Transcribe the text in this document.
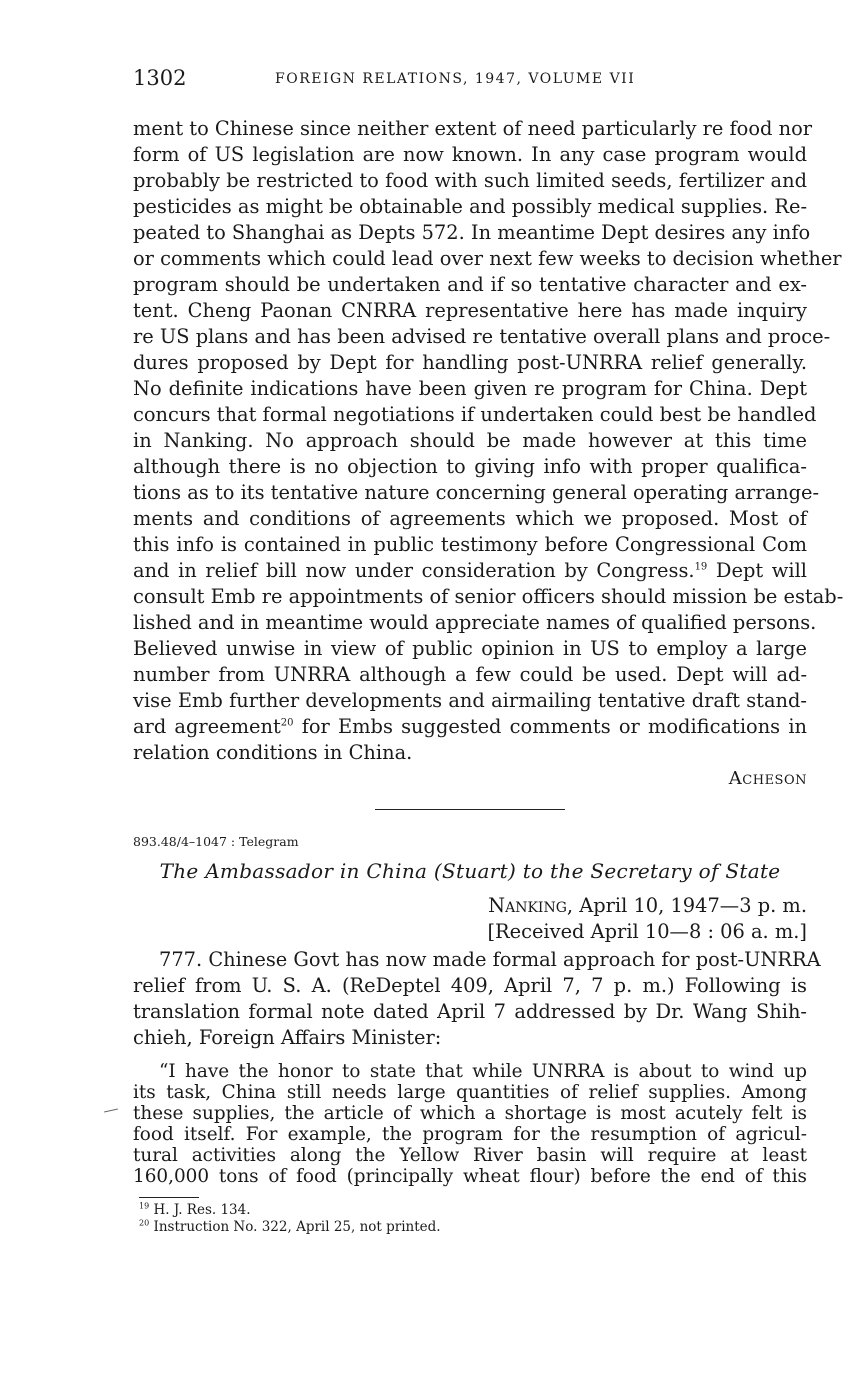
1302	FOREIGN RELATIONS, 1947, VOLUME VII
ment to Chinese since neither extent of need particularly re food nor
form of US legislation are now known. In any case program would
probably be restricted to food with such limited seeds, fertilizer and
pesticides as might be obtainable and possibly medical supplies. Re-
peated to Shanghai as Depts 572. In meantime Dept desires any info
or comments which could lead over next few weeks to decision whether
program should be undertaken and if so tentative character and ex-
tent. Cheng Paonan CNRRA representative here has made inquiry
re US plans and has been advised re tentative overall plans and proce-
dures proposed by Dept for handling post-UNRRA relief generally.
No definite indications have been given re program for China. Dept
concurs that formal negotiations if undertaken could best be handled
in Nanking. No approach should be made however at this time
although there is no objection to giving info with proper qualifica-
tions as to its tentative nature concerning general operating arrange-
ments and conditions of agreements which we proposed. Most of
this info is contained in public testimony before Congressional Com
and in relief bill now under consideration by Congress.$^{19}$ Dept will
consult Emb re appointments of senior officers should mission be estab-
lished and in meantime would appreciate names of qualified persons.
Believed unwise in view of public opinion in US to employ a large
number from UNRRA although a few could be used. Dept will ad-
vise Emb further developments and airmailing tentative draft stand-
ard agreement$^{20}$ for Embs suggested comments or modifications in
relation conditions in China.
Acheson
893.48/4–1047 : Telegram
The Ambassador in China (Stuart) to the Secretary of State
Nanking, April 10, 1947—3 p. m.
[Received April 10—8 : 06 a. m.]
777. Chinese Govt has now made formal approach for post-UNRRA
relief from U. S. A. (ReDeptel 409, April 7, 7 p. m.) Following is
translation formal note dated April 7 addressed by Dr. Wang Shih-
chieh, Foreign Affairs Minister:
“I have the honor to state that while UNRRA is about to wind up
its task, China still needs large quantities of relief supplies. Among
these supplies, the article of which a shortage is most acutely felt is
food itself. For example, the program for the resumption of agricul-
tural activities along the Yellow River basin will require at least
160,000 tons of food (principally wheat flour) before the end of this
$^{19}$ H. J. Res. 134.
$^{20}$ Instruction No. 322, April 25, not printed.
